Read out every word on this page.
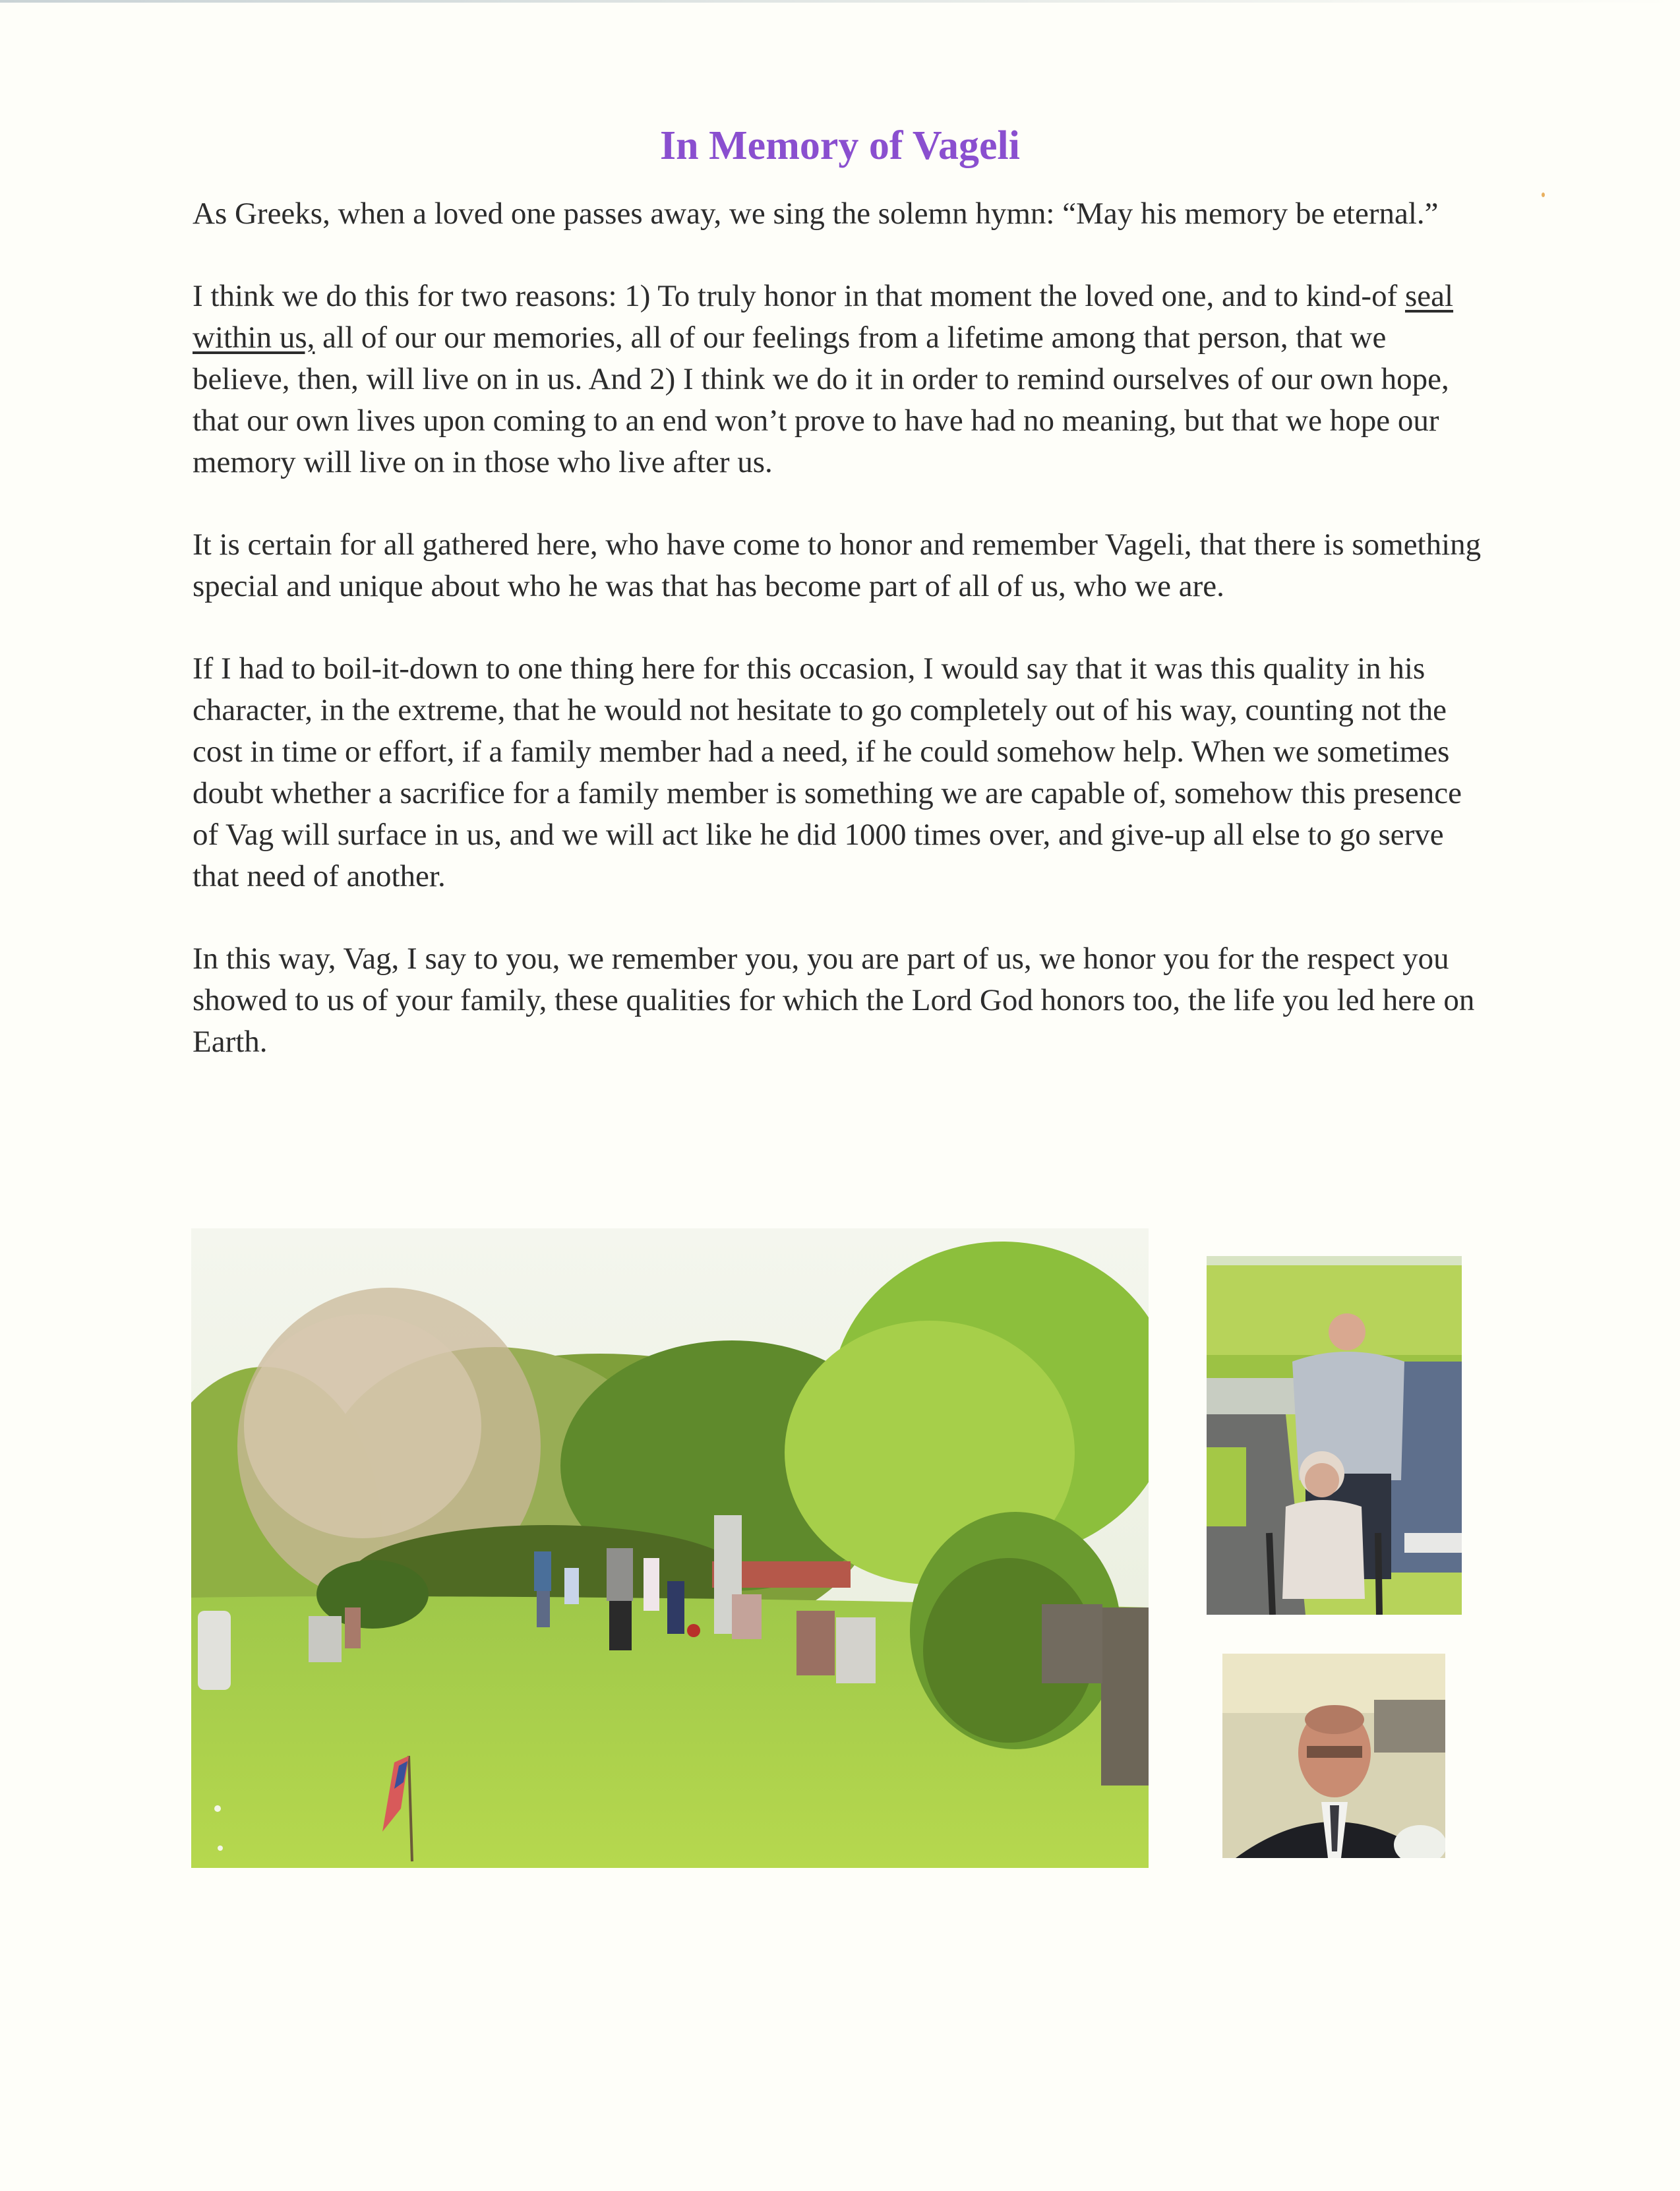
In Memory of Vageli

As Greeks, when a loved one passes away, we sing the solemn hymn: “May his memory be eternal.”

I think we do this for two reasons: 1) To truly honor in that moment the loved one, and to kind-of seal within us, all of our our memories, all of our feelings from a lifetime among that person, that we believe, then, will live on in us. And 2) I think we do it in order to remind ourselves of our own hope, that our own lives upon coming to an end won’t prove to have had no meaning, but that we hope our memory will live on in those who live after us.

It is certain for all gathered here, who have come to honor and remember Vageli, that there is something special and unique about who he was that has become part of all of us, who we are.

If I had to boil-it-down to one thing here for this occasion, I would say that it was this quality in his character, in the extreme, that he would not hesitate to go completely out of his way, counting not the cost in time or effort, if a family member had a need, if he could somehow help. When we sometimes doubt whether a sacrifice for a family member is something we are capable of, somehow this presence of Vag will surface in us, and we will act like he did 1000 times over, and give-up all else to go serve that need of another.

In this way, Vag, I say to you, we remember you, you are part of us, we honor you for the respect you showed to us of your family, these qualities for which the Lord God honors too, the life you led here on Earth.
